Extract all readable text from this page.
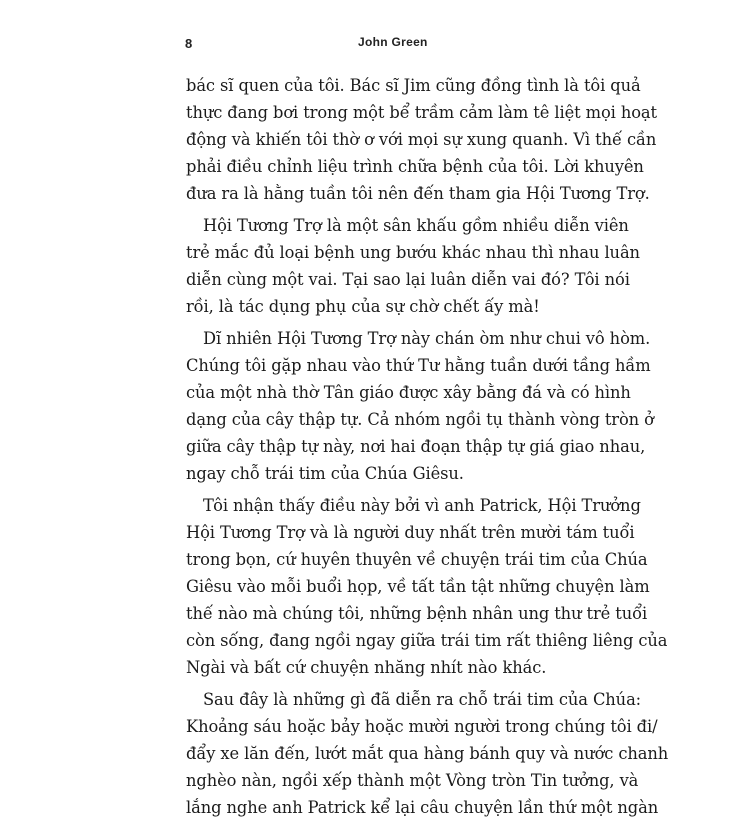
8	John Green
bác sĩ quen của tôi. Bác sĩ Jim cũng đồng tình là tôi quả
thực đang bơi trong một bể trầm cảm làm tê liệt mọi hoạt
động và khiến tôi thờ ơ với mọi sự xung quanh. Vì thế cần
phải điều chỉnh liệu trình chữa bệnh của tôi. Lời khuyên
đưa ra là hằng tuần tôi nên đến tham gia Hội Tương Trợ.
Hội Tương Trợ là một sân khấu gồm nhiều diễn viên
trẻ mắc đủ loại bệnh ung bướu khác nhau thì nhau luân
diễn cùng một vai. Tại sao lại luân diễn vai đó? Tôi nói
rồi, là tác dụng phụ của sự chờ chết ấy mà!
Dĩ nhiên Hội Tương Trợ này chán òm như chui vô hòm.
Chúng tôi gặp nhau vào thứ Tư hằng tuần dưới tầng hầm
của một nhà thờ Tân giáo được xây bằng đá và có hình
dạng của cây thập tự. Cả nhóm ngồi tụ thành vòng tròn ở
giữa cây thập tự này, nơi hai đoạn thập tự giá giao nhau,
ngay chỗ trái tim của Chúa Giêsu.
Tôi nhận thấy điều này bởi vì anh Patrick, Hội Trưởng
Hội Tương Trợ và là người duy nhất trên mười tám tuổi
trong bọn, cứ huyên thuyên về chuyện trái tim của Chúa
Giêsu vào mỗi buổi họp, về tất tần tật những chuyện làm
thế nào mà chúng tôi, những bệnh nhân ung thư trẻ tuổi
còn sống, đang ngồi ngay giữa trái tim rất thiêng liêng của
Ngài và bất cứ chuyện nhăng nhít nào khác.
Sau đây là những gì đã diễn ra chỗ trái tim của Chúa:
Khoảng sáu hoặc bảy hoặc mười người trong chúng tôi đi/
đẩy xe lăn đến, lướt mắt qua hàng bánh quy và nước chanh
nghèo nàn, ngồi xếp thành một Vòng tròn Tin tưởng, và
lắng nghe anh Patrick kể lại câu chuyện lần thứ một ngàn
